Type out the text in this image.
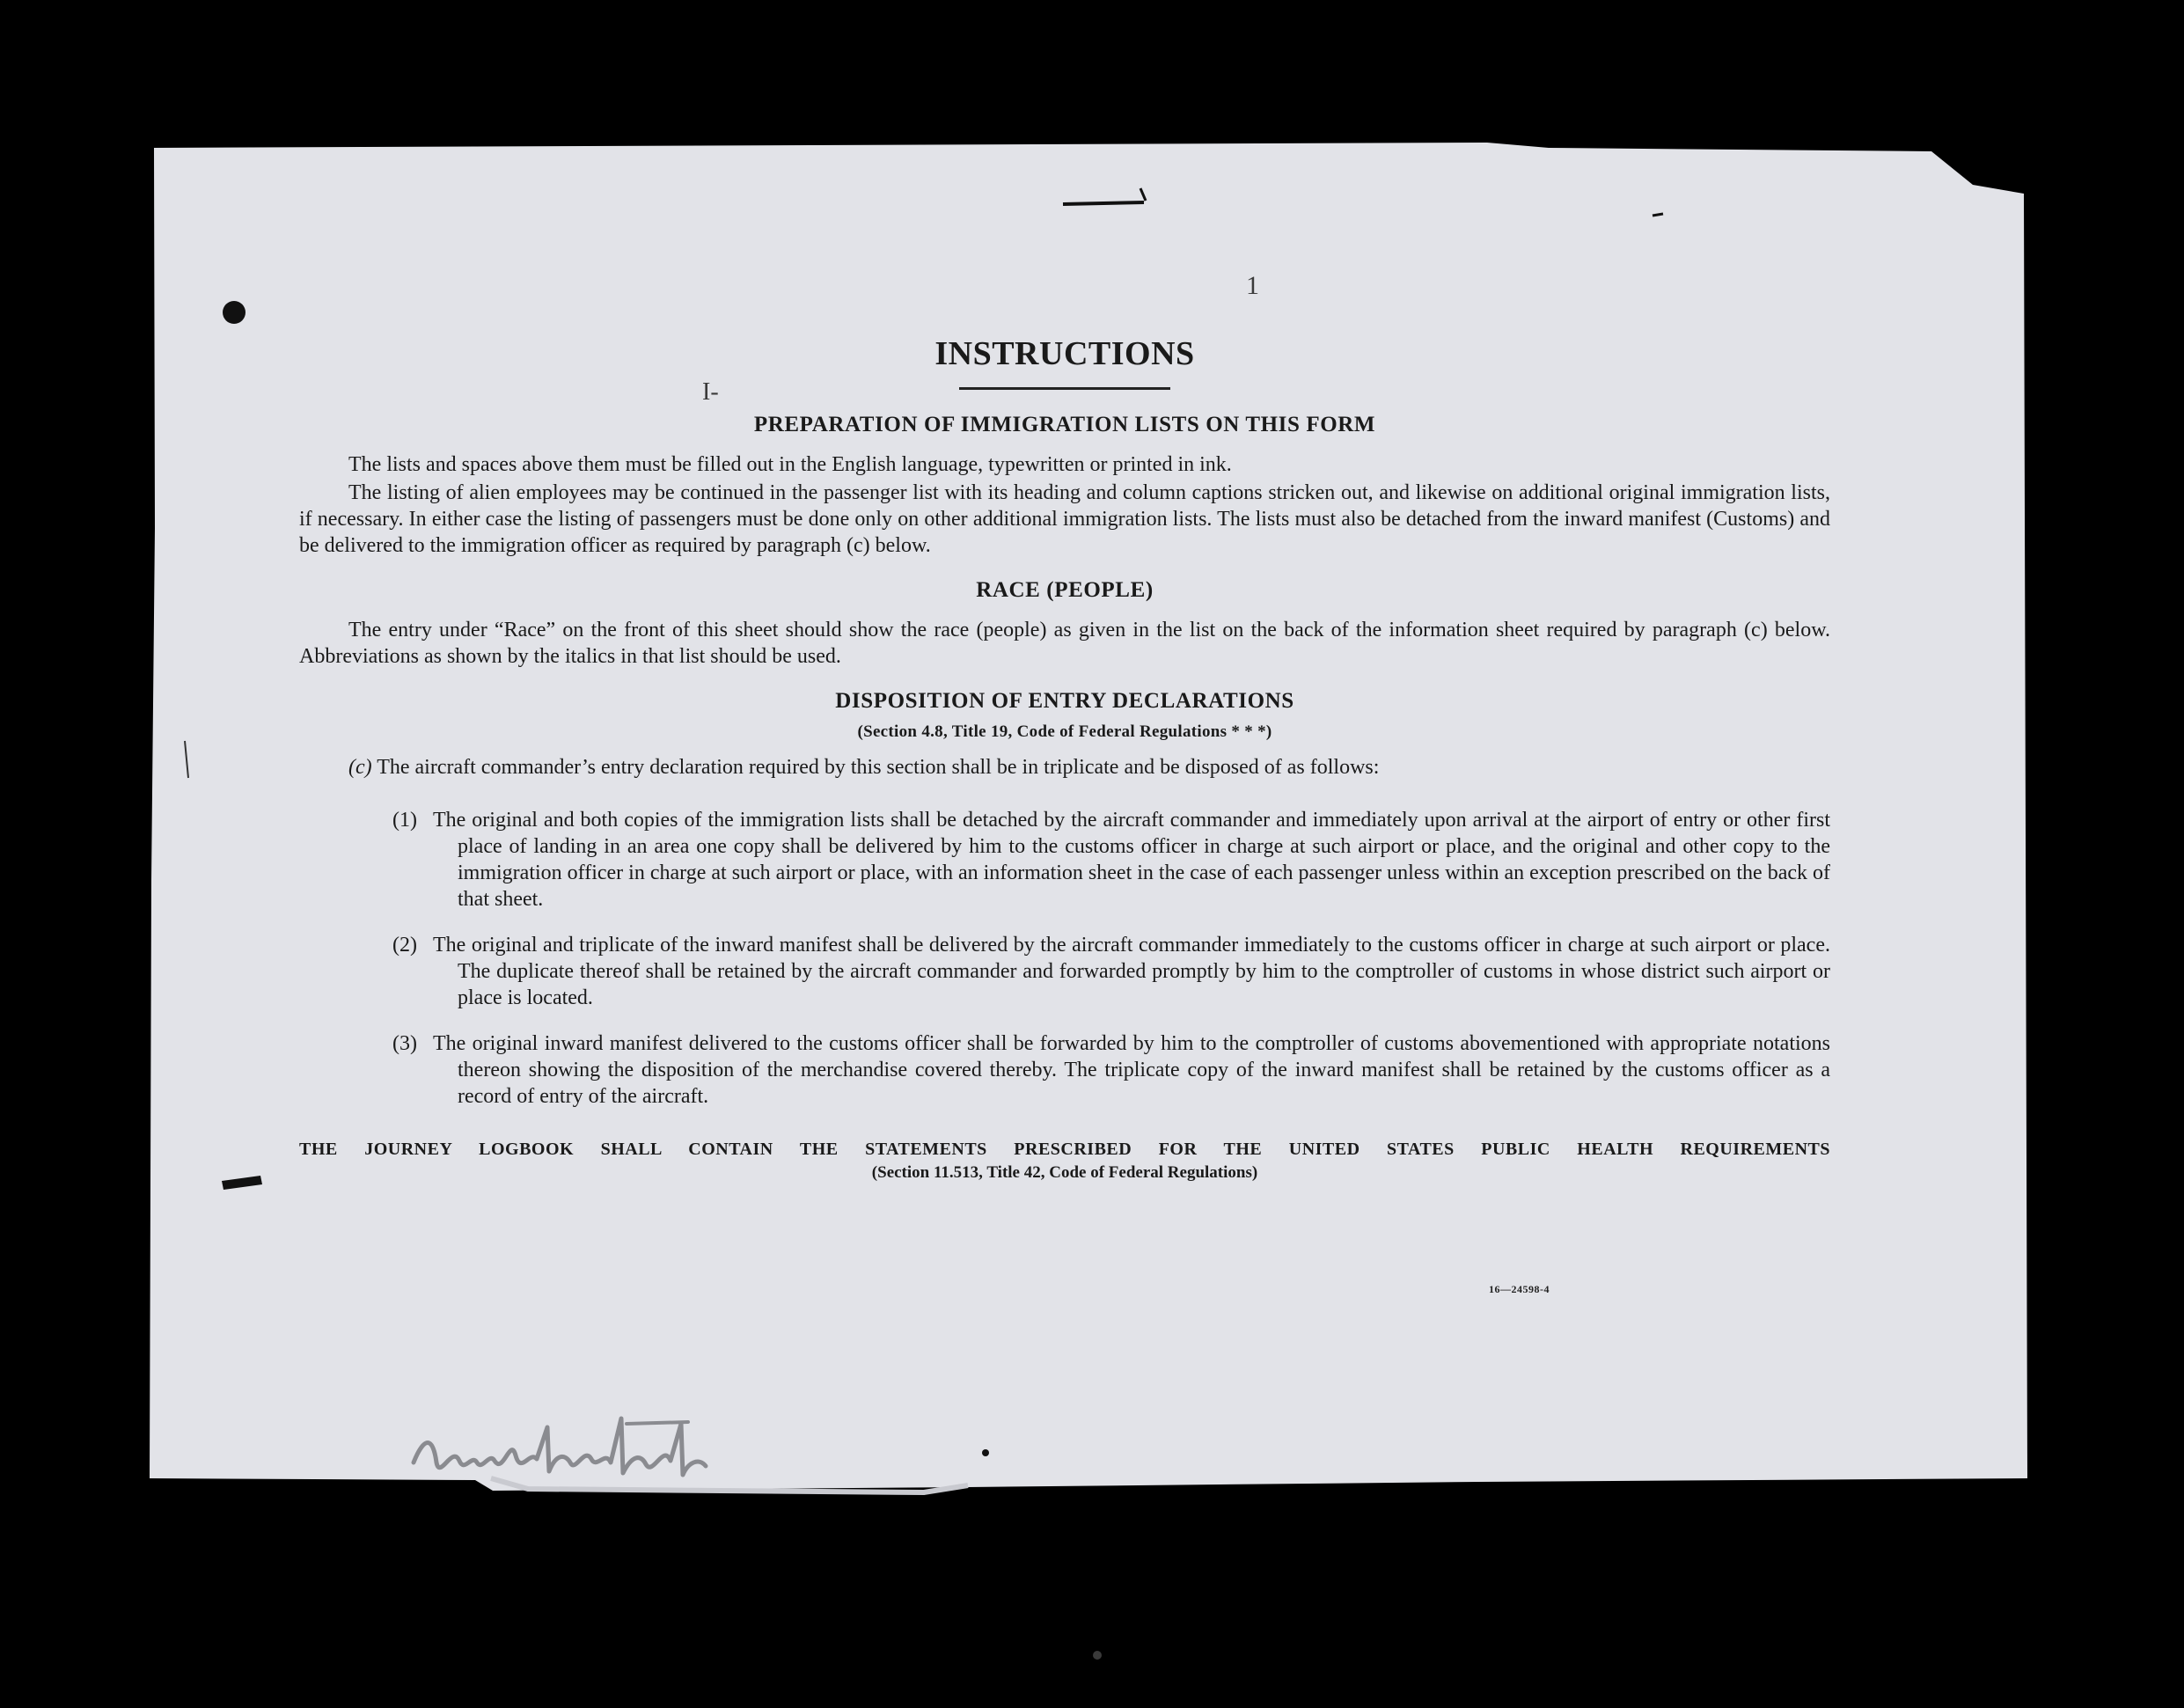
I-
1
INSTRUCTIONS
PREPARATION OF IMMIGRATION LISTS ON THIS FORM

The lists and spaces above them must be filled out in the English language, typewritten or printed in ink.

The listing of alien employees may be continued in the passenger list with its heading and column captions stricken out, and likewise on additional original immigration lists, if necessary. In either case the listing of passengers must be done only on other additional immigration lists. The lists must also be detached from the inward manifest (Customs) and be delivered to the immigration officer as required by paragraph (c) below.

RACE (PEOPLE)

The entry under “Race” on the front of this sheet should show the race (people) as given in the list on the back of the information sheet required by paragraph (c) below. Abbreviations as shown by the italics in that list should be used.

DISPOSITION OF ENTRY DECLARATIONS
(Section 4.8, Title 19, Code of Federal Regulations * * *)
(c) The aircraft commander’s entry declaration required by this section shall be in triplicate and be disposed of as follows:
(1) The original and both copies of the immigration lists shall be detached by the aircraft commander and immediately upon arrival at the airport of entry or other first place of landing in an area one copy shall be delivered by him to the customs officer in charge at such airport or place, and the original and other copy to the immigration officer in charge at such airport or place, with an information sheet in the case of each passenger unless within an exception prescribed on the back of that sheet.
(2) The original and triplicate of the inward manifest shall be delivered by the aircraft commander immediately to the customs officer in charge at such airport or place. The duplicate thereof shall be retained by the aircraft commander and forwarded promptly by him to the comptroller of customs in whose district such airport or place is located.
(3) The original inward manifest delivered to the customs officer shall be forwarded by him to the comptroller of customs abovementioned with appropriate notations thereon showing the disposition of the merchandise covered thereby. The triplicate copy of the inward manifest shall be retained by the customs officer as a record of entry of the aircraft.
THE JOURNEY LOGBOOK SHALL CONTAIN THE STATEMENTS PRESCRIBED FOR THE UNITED STATES PUBLIC HEALTH REQUIREMENTS
(Section 11.513, Title 42, Code of Federal Regulations)
16—24598-4
